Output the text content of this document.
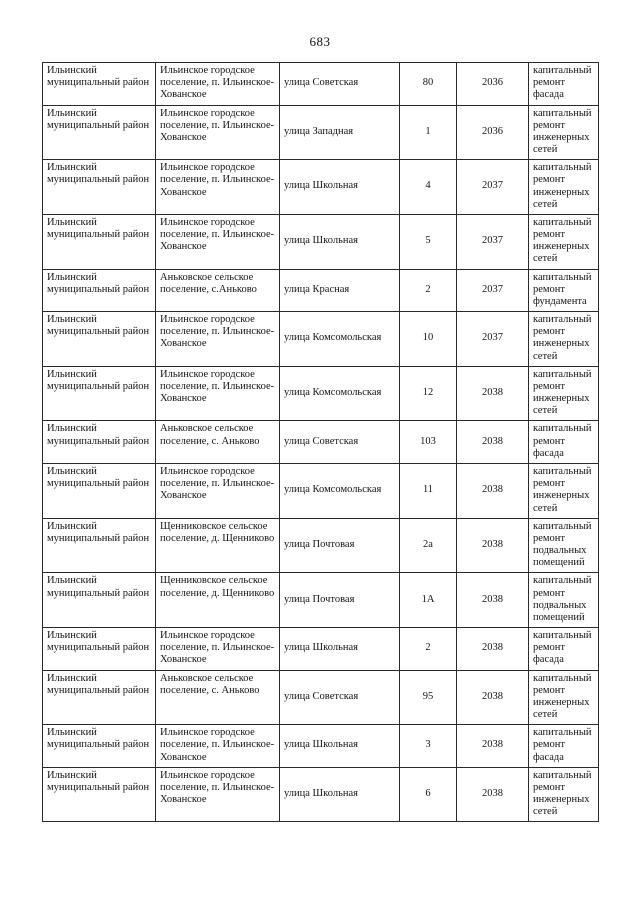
683
Ильинский муниципальный район	Ильинское городское поселение, п. Ильинское-Хованское	улица Советская	80	2036	капитальный ремонт фасада
Ильинский муниципальный район	Ильинское городское поселение, п. Ильинское-Хованское	улица Западная	1	2036	капитальный ремонт инженерных сетей
Ильинский муниципальный район	Ильинское городское поселение, п. Ильинское-Хованское	улица Школьная	4	2037	капитальный ремонт инженерных сетей
Ильинский муниципальный район	Ильинское городское поселение, п. Ильинское-Хованское	улица Школьная	5	2037	капитальный ремонт инженерных сетей
Ильинский муниципальный район	Аньковское сельское поселение, с.Аньково	улица Красная	2	2037	капитальный ремонт фундамента
Ильинский муниципальный район	Ильинское городское поселение, п. Ильинское-Хованское	улица Комсомольская	10	2037	капитальный ремонт инженерных сетей
Ильинский муниципальный район	Ильинское городское поселение, п. Ильинское-Хованское	улица Комсомольская	12	2038	капитальный ремонт инженерных сетей
Ильинский муниципальный район	Аньковское сельское поселение, с. Аньково	улица Советская	103	2038	капитальный ремонт фасада
Ильинский муниципальный район	Ильинское городское поселение, п. Ильинское-Хованское	улица Комсомольская	11	2038	капитальный ремонт инженерных сетей
Ильинский муниципальный район	Щенниковское сельское поселение, д. Щенниково	улица Почтовая	2а	2038	капитальный ремонт подвальных помещений
Ильинский муниципальный район	Щенниковское сельское поселение, д. Щенниково	улица Почтовая	1А	2038	капитальный ремонт подвальных помещений
Ильинский муниципальный район	Ильинское городское поселение, п. Ильинское-Хованское	улица Школьная	2	2038	капитальный ремонт фасада
Ильинский муниципальный район	Аньковское сельское поселение, с. Аньково	улица Советская	95	2038	капитальный ремонт инженерных сетей
Ильинский муниципальный район	Ильинское городское поселение, п. Ильинское-Хованское	улица Школьная	3	2038	капитальный ремонт фасада
Ильинский муниципальный район	Ильинское городское поселение, п. Ильинское-Хованское	улица Школьная	6	2038	капитальный ремонт инженерных сетей
